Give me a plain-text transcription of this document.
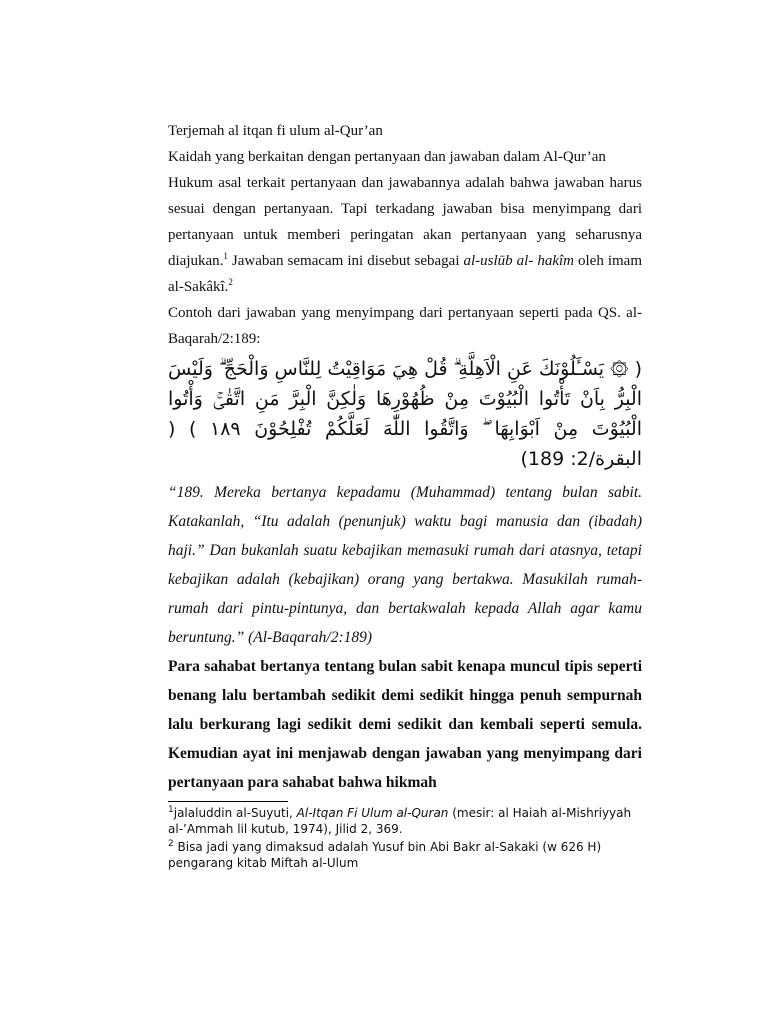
Terjemah al itqan fi ulum al-Qur’an

Kaidah yang berkaitan dengan pertanyaan dan jawaban dalam Al-Qur’an

Hukum asal terkait pertanyaan dan jawabannya adalah bahwa jawaban harus sesuai dengan pertanyaan. Tapi terkadang jawaban bisa menyimpang dari pertanyaan untuk memberi peringatan akan pertanyaan yang seharusnya diajukan.$^1$ Jawaban semacam ini disebut sebagai al-uslūb al- hakîm oleh imam al-Sakâkî.$^2$

Contoh dari jawaban yang menyimpang dari pertanyaan seperti pada QS. al-Baqarah/2:189:

( ۞ يَسْـَٔلُوْنَكَ عَنِ الْاَهِلَّةِ ۗ قُلْ هِيَ مَوَاقِيْتُ لِلنَّاسِ وَالْحَجِّ ۗ وَلَيْسَ الْبِرُّ بِاَنْ تَأْتُوا الْبُيُوْتَ مِنْ ظُهُوْرِهَا وَلٰكِنَّ الْبِرَّ مَنِ اتَّقٰىۚ وَأْتُوا الْبُيُوْتَ مِنْ اَبْوَابِهَا ۖ وَاتَّقُوا اللّٰهَ لَعَلَّكُمْ تُفْلِحُوْنَ ١٨٩ ) ( البقرة/2: 189)

“189. Mereka bertanya kepadamu (Muhammad) tentang bulan sabit. Katakanlah, “Itu adalah (penunjuk) waktu bagi manusia dan (ibadah) haji.” Dan bukanlah suatu kebajikan memasuki rumah dari atasnya, tetapi kebajikan adalah (kebajikan) orang yang bertakwa. Masukilah rumah-rumah dari pintu-pintunya, dan bertakwalah kepada Allah agar kamu beruntung.” (Al-Baqarah/2:189)

Para sahabat bertanya tentang bulan sabit kenapa muncul tipis seperti benang lalu bertambah sedikit demi sedikit hingga penuh sempurnah lalu berkurang lagi sedikit demi sedikit dan kembali seperti semula. Kemudian ayat ini menjawab dengan jawaban yang menyimpang dari pertanyaan para sahabat bahwa hikmah

$^1$jalaluddin al-Suyuti, Al-Itqan Fi Ulum al-Quran (mesir: al Haiah al-Mishriyyah al-’Ammah lil kutub, 1974), Jilid 2, 369.

$^2$ Bisa jadi yang dimaksud adalah Yusuf bin Abi Bakr al-Sakaki (w 626 H) pengarang kitab Miftah al-Ulum
